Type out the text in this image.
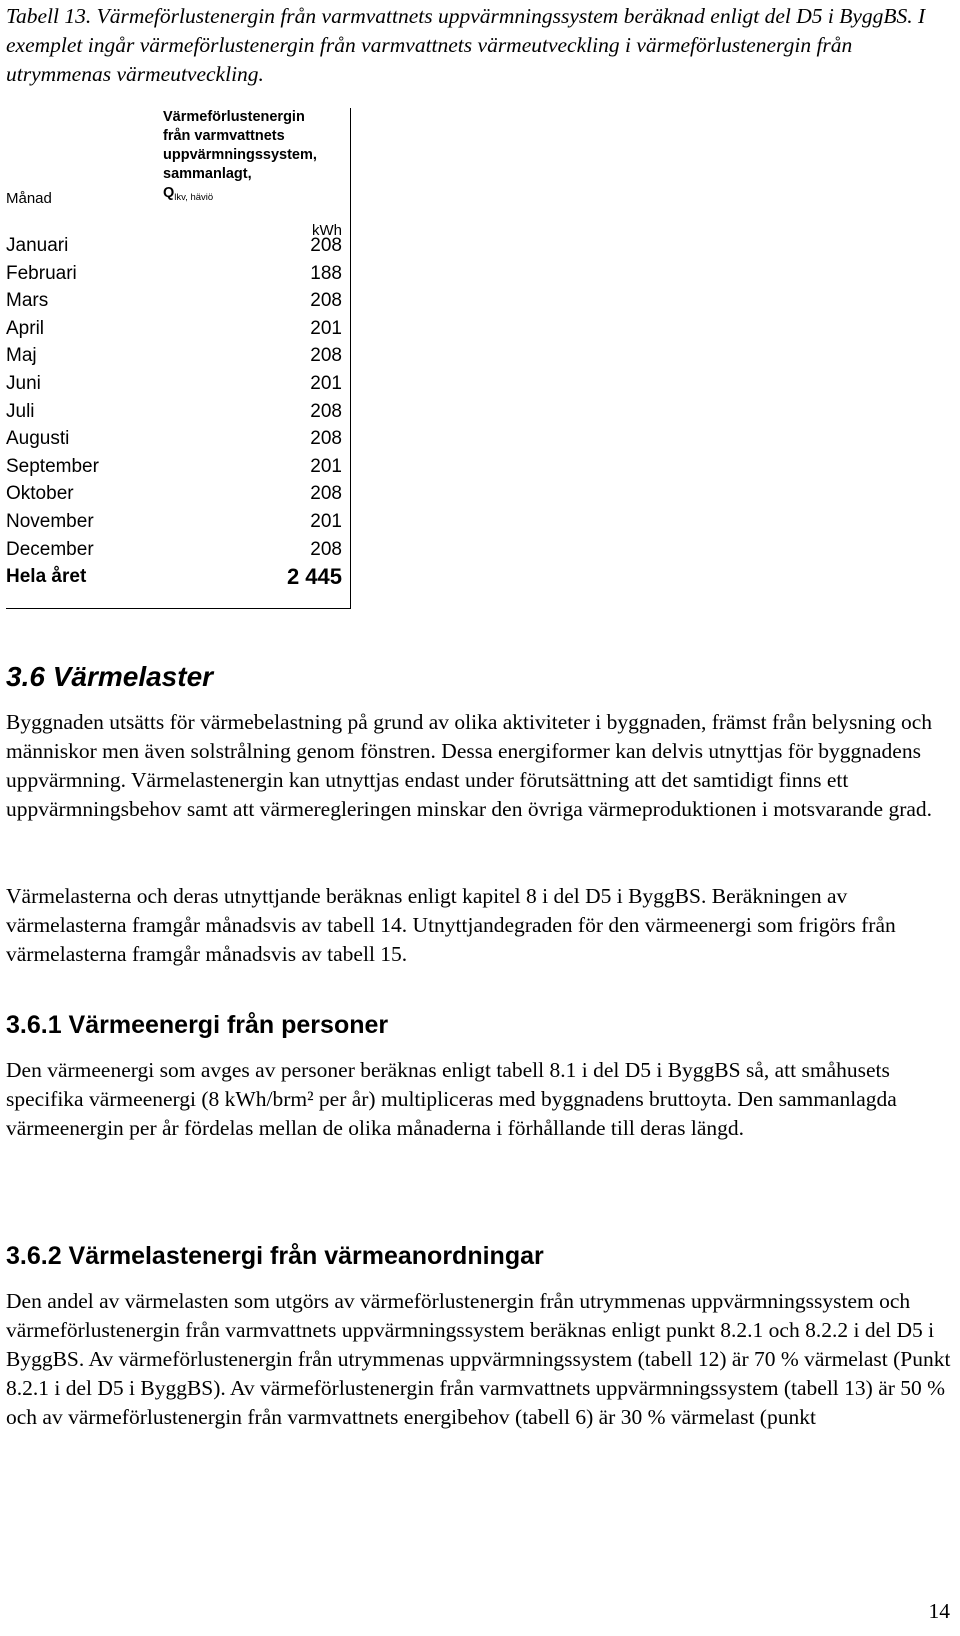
Tabell 13. Värmeförlustenergin från varmvattnets uppvärmningssystem beräknad enligt del D5 i ByggBS. I exemplet ingår värmeförlustenergin från varmvattnets värmeutveckling i värmeförlustenergin från utrymmenas värmeutveckling.
Månad
Värmeförlustenergin
från varmvattnets
uppvärmningssystem,
sammanlagt,
$Q_{lkv, häviö}$
kWh
Januari	208
Februari	188
Mars	208
April	201
Maj	208
Juni	201
Juli	208
Augusti	208
September	201
Oktober	208
November	201
December	208
Hela året	2 445
3.6 Värmelaster
Byggnaden utsätts för värmebelastning på grund av olika aktiviteter i byggnaden, främst från belysning och människor men även solstrålning genom fönstren. Dessa energiformer kan delvis utnyttjas för byggnadens uppvärmning. Värmelastenergin kan utnyttjas endast under förutsättning att det samtidigt finns ett uppvärmningsbehov samt att värmeregleringen minskar den övriga värmeproduktionen i motsvarande grad.
Värmelasterna och deras utnyttjande beräknas enligt kapitel 8 i del D5 i ByggBS. Beräkningen av värmelasterna framgår månadsvis av tabell 14. Utnyttjandegraden för den värmeenergi som frigörs från värmelasterna framgår månadsvis av tabell 15.
3.6.1 Värmeenergi från personer
Den värmeenergi som avges av personer beräknas enligt tabell 8.1 i del D5 i ByggBS så, att småhusets specifika värmeenergi (8 kWh/brm² per år) multipliceras med byggnadens bruttoyta. Den sammanlagda värmeenergin per år fördelas mellan de olika månaderna i förhållande till deras längd.
3.6.2 Värmelastenergi från värmeanordningar
Den andel av värmelasten som utgörs av värmeförlustenergin från utrymmenas uppvärmningssystem och värmeförlustenergin från varmvattnets uppvärmningssystem beräknas enligt punkt 8.2.1 och 8.2.2 i del D5 i ByggBS. Av värmeförlustenergin från utrymmenas uppvärmningssystem (tabell 12) är 70 % värmelast (Punkt 8.2.1 i del D5 i ByggBS). Av värmeförlustenergin från varmvattnets uppvärmningssystem (tabell 13) är 50 % och av värmeförlustenergin från varmvattnets energibehov (tabell 6) är 30 % värmelast (punkt
14
